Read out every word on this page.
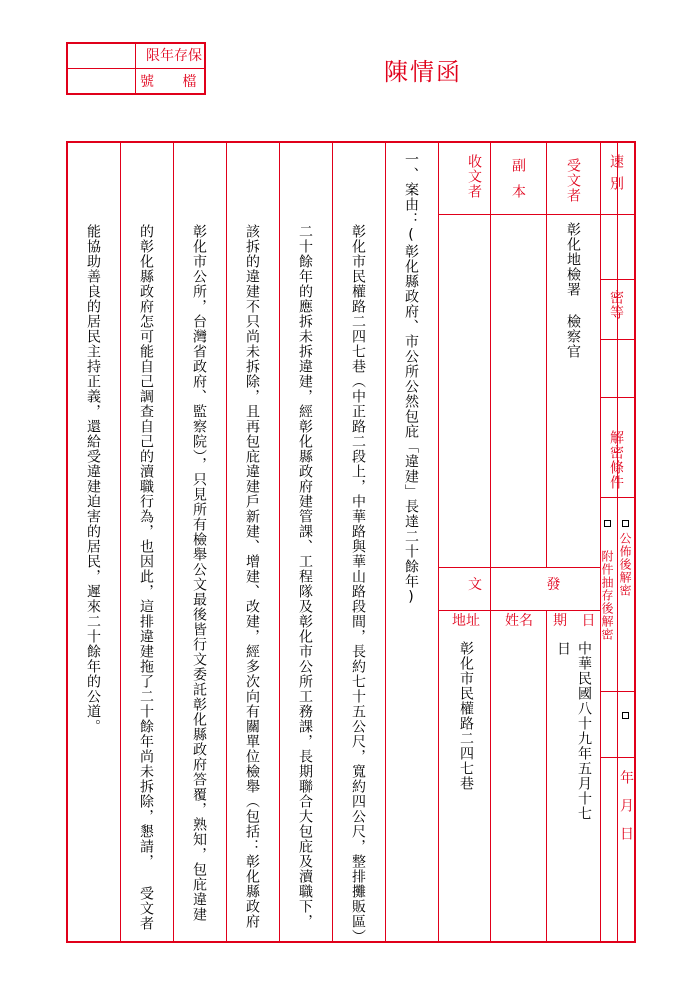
限年存保
號 檔	陳情函
一、案由：(彰化縣政府、市公所公然包庇「違建」長達二十餘年)
彰化市民權路二四七巷（中正路二段上，中華路與華山路段間，長約七十五公尺，寬約四公尺，整排攤販區）
二十餘年的應拆未拆違建，經彰化縣政府建管課、工程隊及彰化市公所工務課，長期聯合大包庇及瀆職下，
該拆的違建不只尚未拆除，且再包庇違建戶新建、增建、改建，經多次向有關單位檢舉（包括：彰化縣政府
彰化市公所，台灣省政府、監察院），只見所有檢舉公文最後皆行文委託彰化縣政府答覆，熟知，包庇違建
的彰化縣政府怎可能自己調查自己的瀆職行為，也因此，這排違建拖了二十餘年尚未拆除，懇請， 受文者
能協助善良的居民主持正義，還給受違建迫害的居民，遲來二十餘年的公道。
速別
密等
解密條件
公佈後解密
附件抽存後解密
年月日
受文者
彰化地檢署 檢察官
副本
收文者
文 發
期 日
姓名
地址
中華民國八十九年五月十七
日
彰化市民權路二四七巷
